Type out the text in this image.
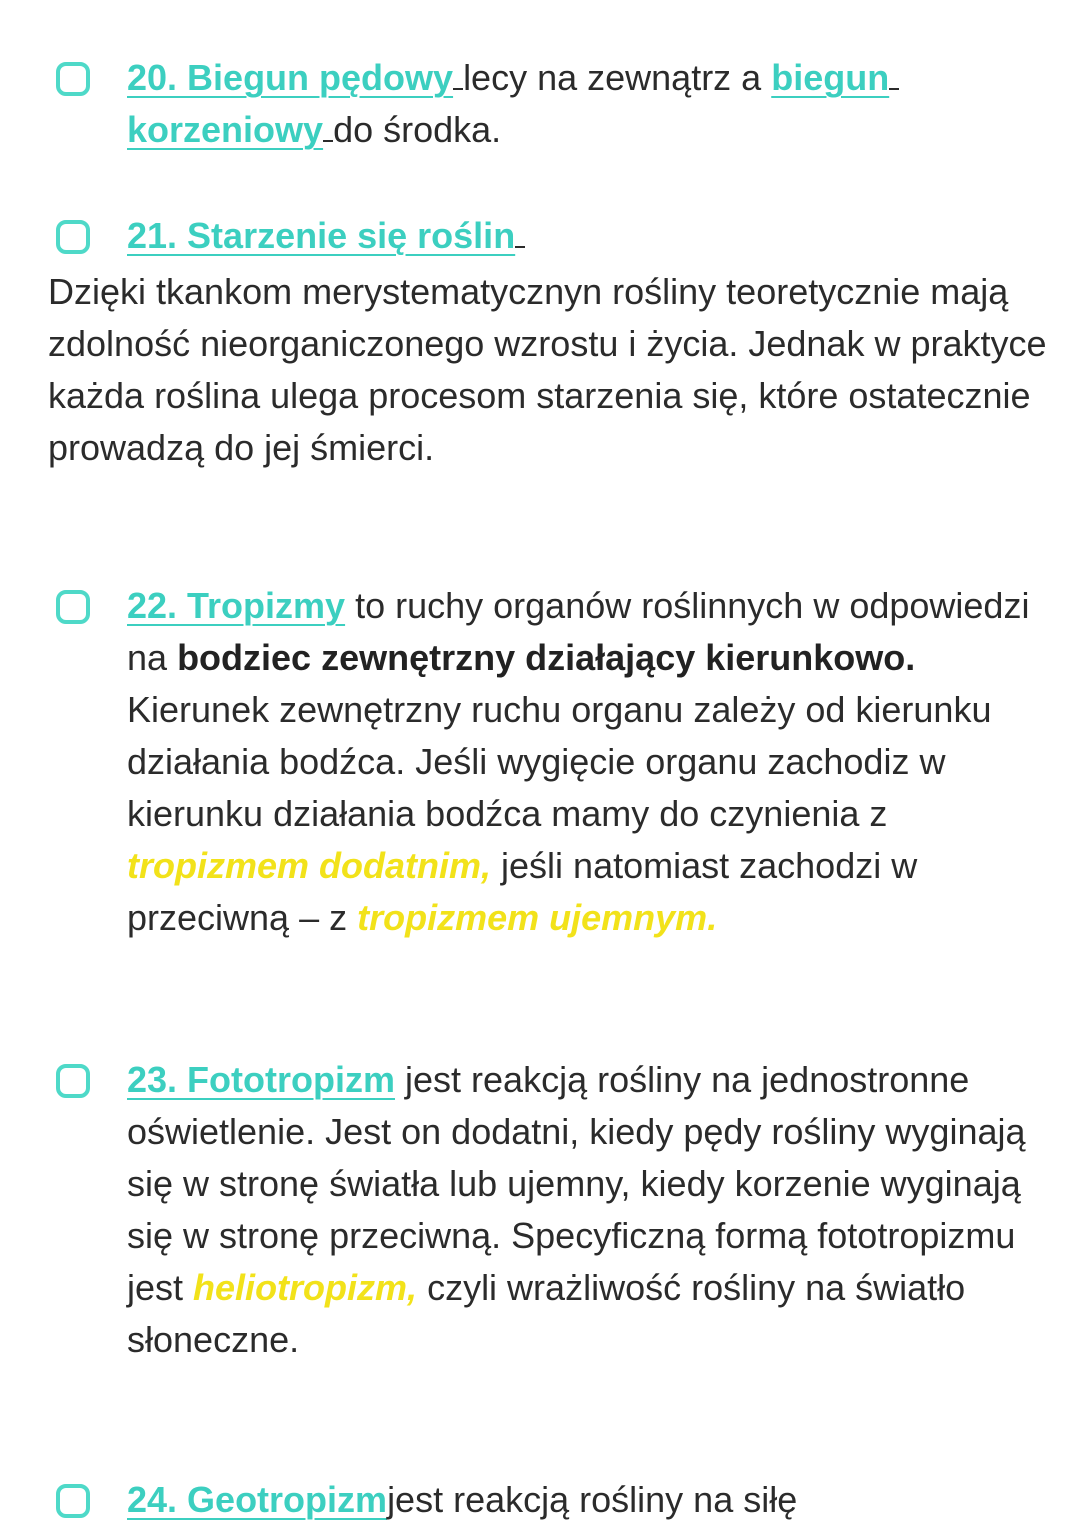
20. Biegun pędowy lecy na zewnątrz a biegun
korzeniowy do środka.
21. Starzenie się roślin
Dzięki tkankom merystematycznyn rośliny teoretycznie mają zdolność nieorganiczonego wzrostu i życia. Jednak w praktyce każda roślina ulega procesom starzenia się, które ostatecznie prowadzą do jej śmierci.
22. Tropizmy to ruchy organów roślinnych w odpowiedzi na bodziec zewnętrzny działający kierunkowo. Kierunek zewnętrzny ruchu organu zależy od kierunku działania bodźca. Jeśli wygięcie organu zachodiz w kierunku działania bodźca mamy do czynienia z tropizmem dodatnim, jeśli natomiast zachodzi w przeciwną – z tropizmem ujemnym.
23. Fototropizm jest reakcją rośliny na jednostronne oświetlenie. Jest on dodatni, kiedy pędy rośliny wyginają się w stronę światła lub ujemny, kiedy korzenie wyginają się w stronę przeciwną. Specyficzną formą fototropizmu jest heliotropizm, czyli wrażliwość rośliny na światło słoneczne.
24. Geotropizmjest reakcją rośliny na siłę
